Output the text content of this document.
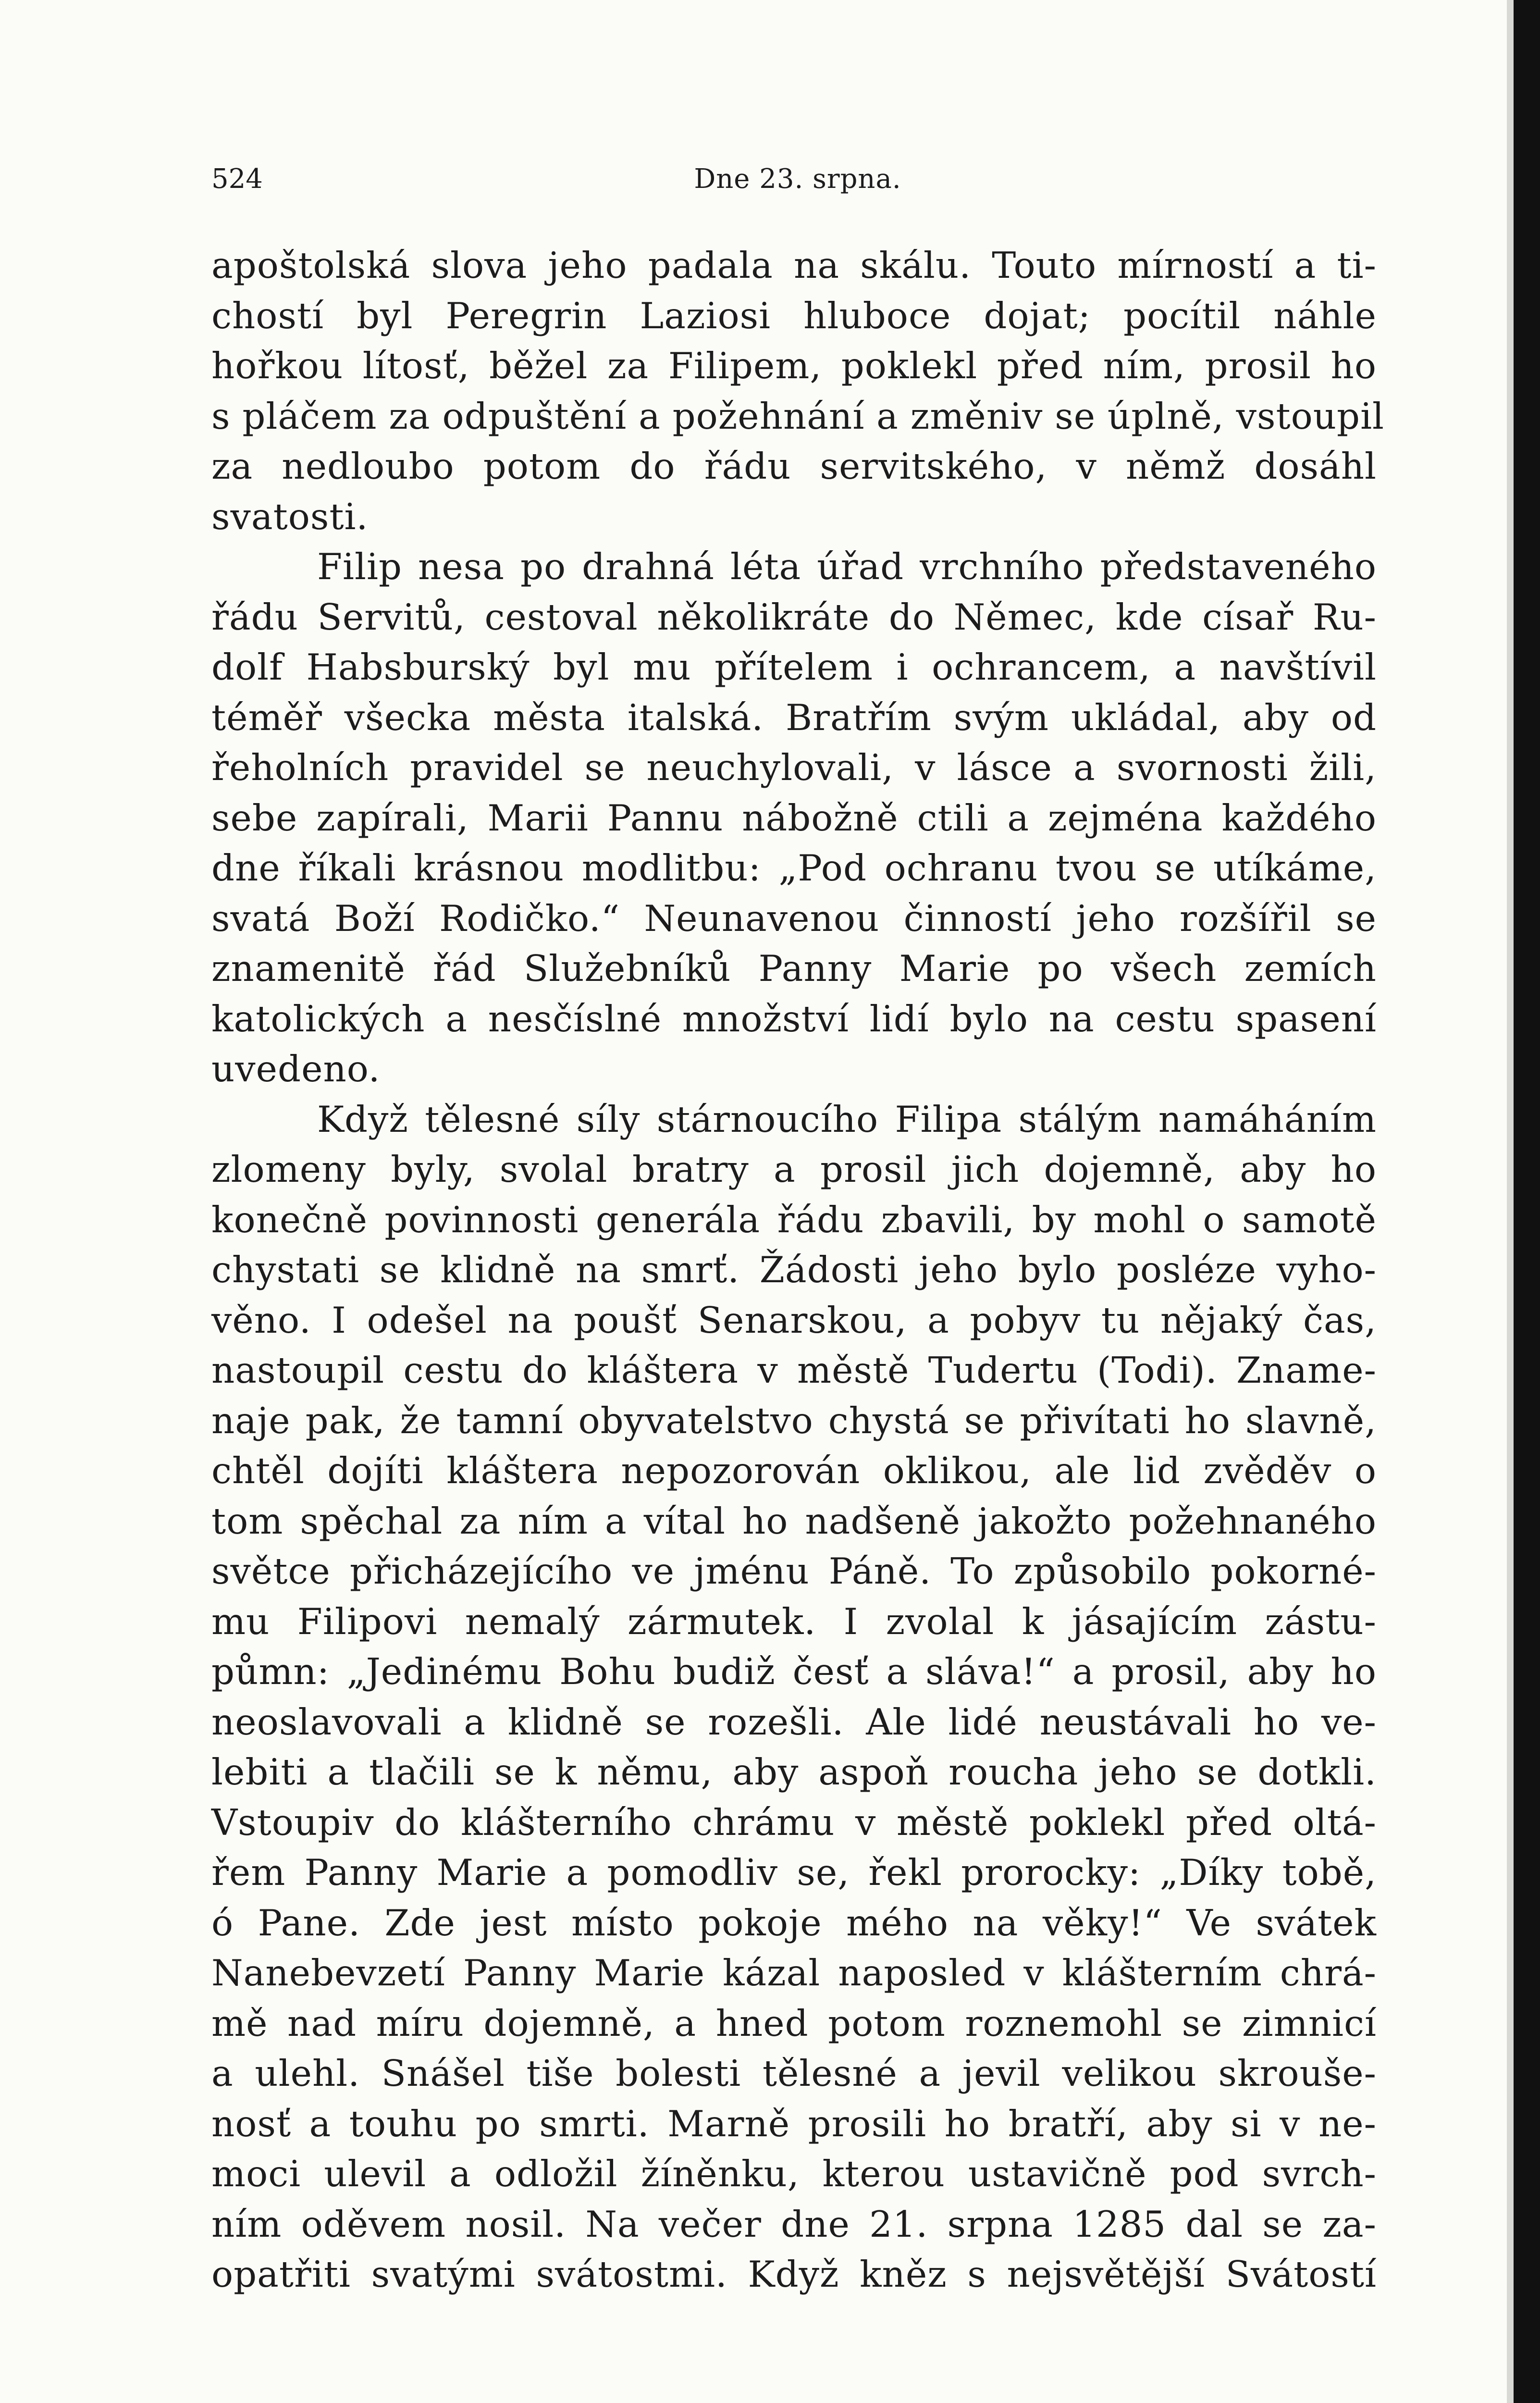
524	Dne 23. srpna.
apoštolská slova jeho padala na skálu. Touto mírností a ti-
chostí byl Peregrin Laziosi hluboce dojat; pocítil náhle
hořkou lítosť, běžel za Filipem, poklekl před ním, prosil ho
s pláčem za odpuštění a požehnání a změniv se úplně, vstoupil
za nedloubo potom do řádu servitského, v němž dosáhl
svatosti.
Filip nesa po drahná léta úřad vrchního představeného
řádu Servitů, cestoval několikráte do Němec, kde císař Ru-
dolf Habsburský byl mu přítelem i ochrancem, a navštívil
téměř všecka města italská. Bratřím svým ukládal, aby od
řeholních pravidel se neuchylovali, v lásce a svornosti žili,
sebe zapírali, Marii Pannu nábožně ctili a zejména každého
dne říkali krásnou modlitbu: „Pod ochranu tvou se utíkáme,
svatá Boží Rodičko.“ Neunavenou činností jeho rozšířil se
znamenitě řád Služebníků Panny Marie po všech zemích
katolických a nesčíslné množství lidí bylo na cestu spasení
uvedeno.
Když tělesné síly stárnoucího Filipa stálým namáháním
zlomeny byly, svolal bratry a prosil jich dojemně, aby ho
konečně povinnosti generála řádu zbavili, by mohl o samotě
chystati se klidně na smrť. Žádosti jeho bylo posléze vyho-
věno. I odešel na poušť Senarskou, a pobyv tu nějaký čas,
nastoupil cestu do kláštera v městě Tudertu (Todi). Zname-
naje pak, že tamní obyvatelstvo chystá se přivítati ho slavně,
chtěl dojíti kláštera nepozorován oklikou, ale lid zvěděv o
tom spěchal za ním a vítal ho nadšeně jakožto požehnaného
světce přicházejícího ve jménu Páně. To způsobilo pokorné-
mu Filipovi nemalý zármutek. I zvolal k jásajícím zástu-
půmn: „Jedinému Bohu budiž česť a sláva!“ a prosil, aby ho
neoslavovali a klidně se rozešli. Ale lidé neustávali ho ve-
lebiti a tlačili se k němu, aby aspoň roucha jeho se dotkli.
Vstoupiv do klášterního chrámu v městě poklekl před oltá-
řem Panny Marie a pomodliv se, řekl prorocky: „Díky tobě,
ó Pane. Zde jest místo pokoje mého na věky!“ Ve svátek
Nanebevzetí Panny Marie kázal naposled v klášterním chrá-
mě nad míru dojemně, a hned potom roznemohl se zimnicí
a ulehl. Snášel tiše bolesti tělesné a jevil velikou skrouše-
nosť a touhu po smrti. Marně prosili ho bratří, aby si v ne-
moci ulevil a odložil žíněnku, kterou ustavičně pod svrch-
ním oděvem nosil. Na večer dne 21. srpna 1285 dal se za-
opatřiti svatými svátostmi. Když kněz s nejsvětější Svátostí
